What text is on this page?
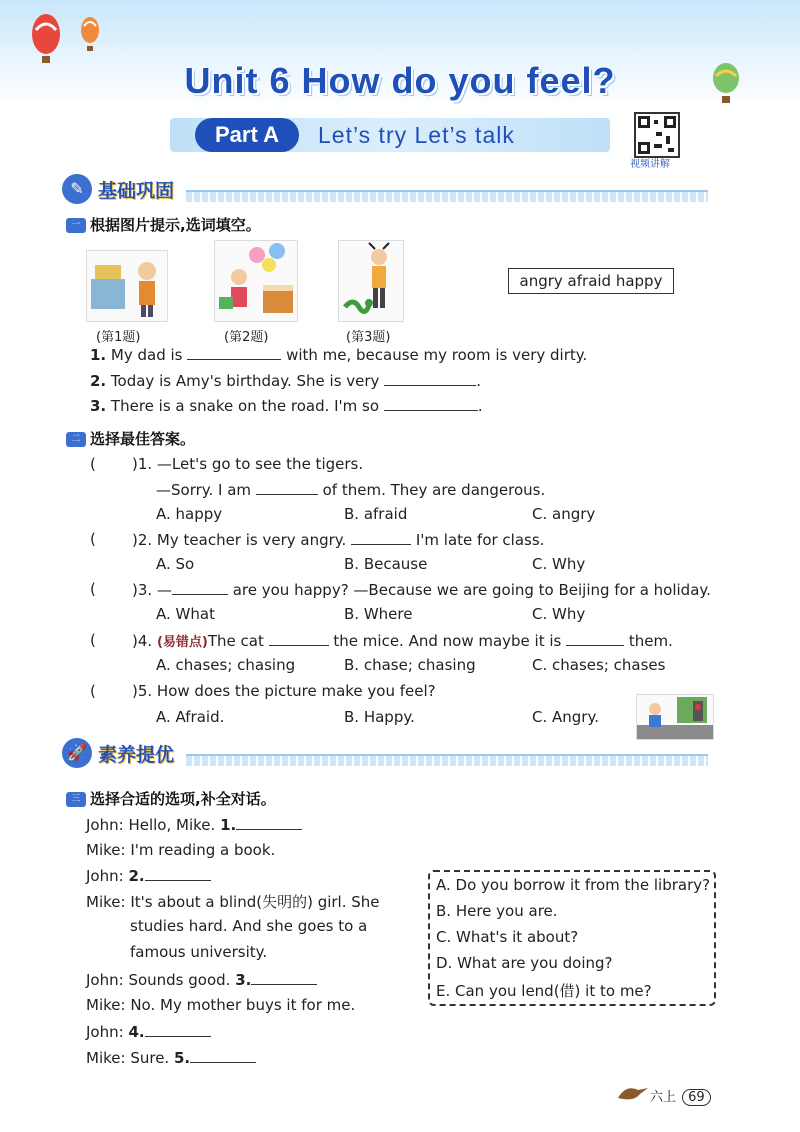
Unit 6 How do you feel?
Part A	Let’s try Let’s talk
视频讲解
✎ 基础巩固
一 根据图片提示,选词填空。
angry afraid happy
(第1题)	(第2题)	(第3题)
1. My dad is	with me, because my room is very dirty.
2. Today is Amy's birthday. She is very	.
3. There is a snake on the road. I'm so	.
二 选择最佳答案。
( )1. —Let's go to see the tigers.
—Sorry. I am	of them. They are dangerous.
A. happy	B. afraid	C. angry
( )2. My teacher is very angry.	I'm late for class.
A. So	B. Because	C. Why
( )3. —	are you happy? —Because we are going to Beijing for a holiday.
A. What	B. Where	C. Why
( )4. (易错点)The cat	the mice. And now maybe it is	them.
A. chases; chasing	B. chase; chasing	C. chases; chases
( )5. How does the picture make you feel?
A. Afraid.	B. Happy.	C. Angry.
🚀 素养提优
三 选择合适的选项,补全对话。
John: Hello, Mike. 1.
Mike: I'm reading a book.
John: 2.
Mike: It's about a blind(失明的) girl. She
studies hard. And she goes to a
famous university.
John: Sounds good. 3.
Mike: No. My mother buys it for me.
John: 4.
Mike: Sure. 5.
A. Do you borrow it from the library?
B. Here you are.
C. What's it about?
D. What are you doing?
E. Can you lend(借) it to me?
六上 69
